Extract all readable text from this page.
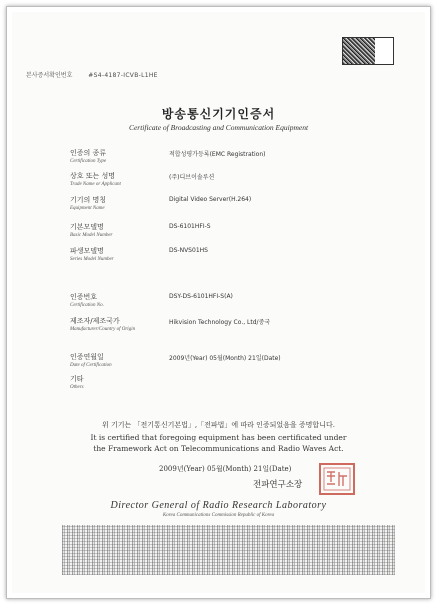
본사증서확인번호	#S4-4187-ICVB-L1HE
방송통신기기인증서
Certificate of Broadcasting and Communication Equipment
인증의 종류
Certification Type
적합성평가등록(EMC Registration)
상호 또는 성명
Trade Name or Applicant
(주)디브이솔루션
기기의 명칭
Equipment Name
Digital Video Server(H.264)
기본모델명
Basic Model Number
DS-6101HFI-S
파생모델명
Series Model Number
DS-NVS01HS
인증번호
Certification No.
DSY-DS-6101HFI-S(A)
제조자/제조국가
Manufacturer/Country of Origin
Hikvision Technology Co., Ltd/중국
인증연월일
Date of Certification
2009년(Year) 05월(Month) 21일(Date)
기타
Others
위 기기는 「전기통신기본법」,「전파법」에 따라 인증되었음을 증명합니다.
It is certified that foregoing equipment has been certificated under
the Framework Act on Telecommunications and Radio Waves Act.
2009년(Year) 05월(Month) 21일(Date)
전파연구소장
Director General of Radio Research Laboratory
Korea Communications Commission Republic of Korea
